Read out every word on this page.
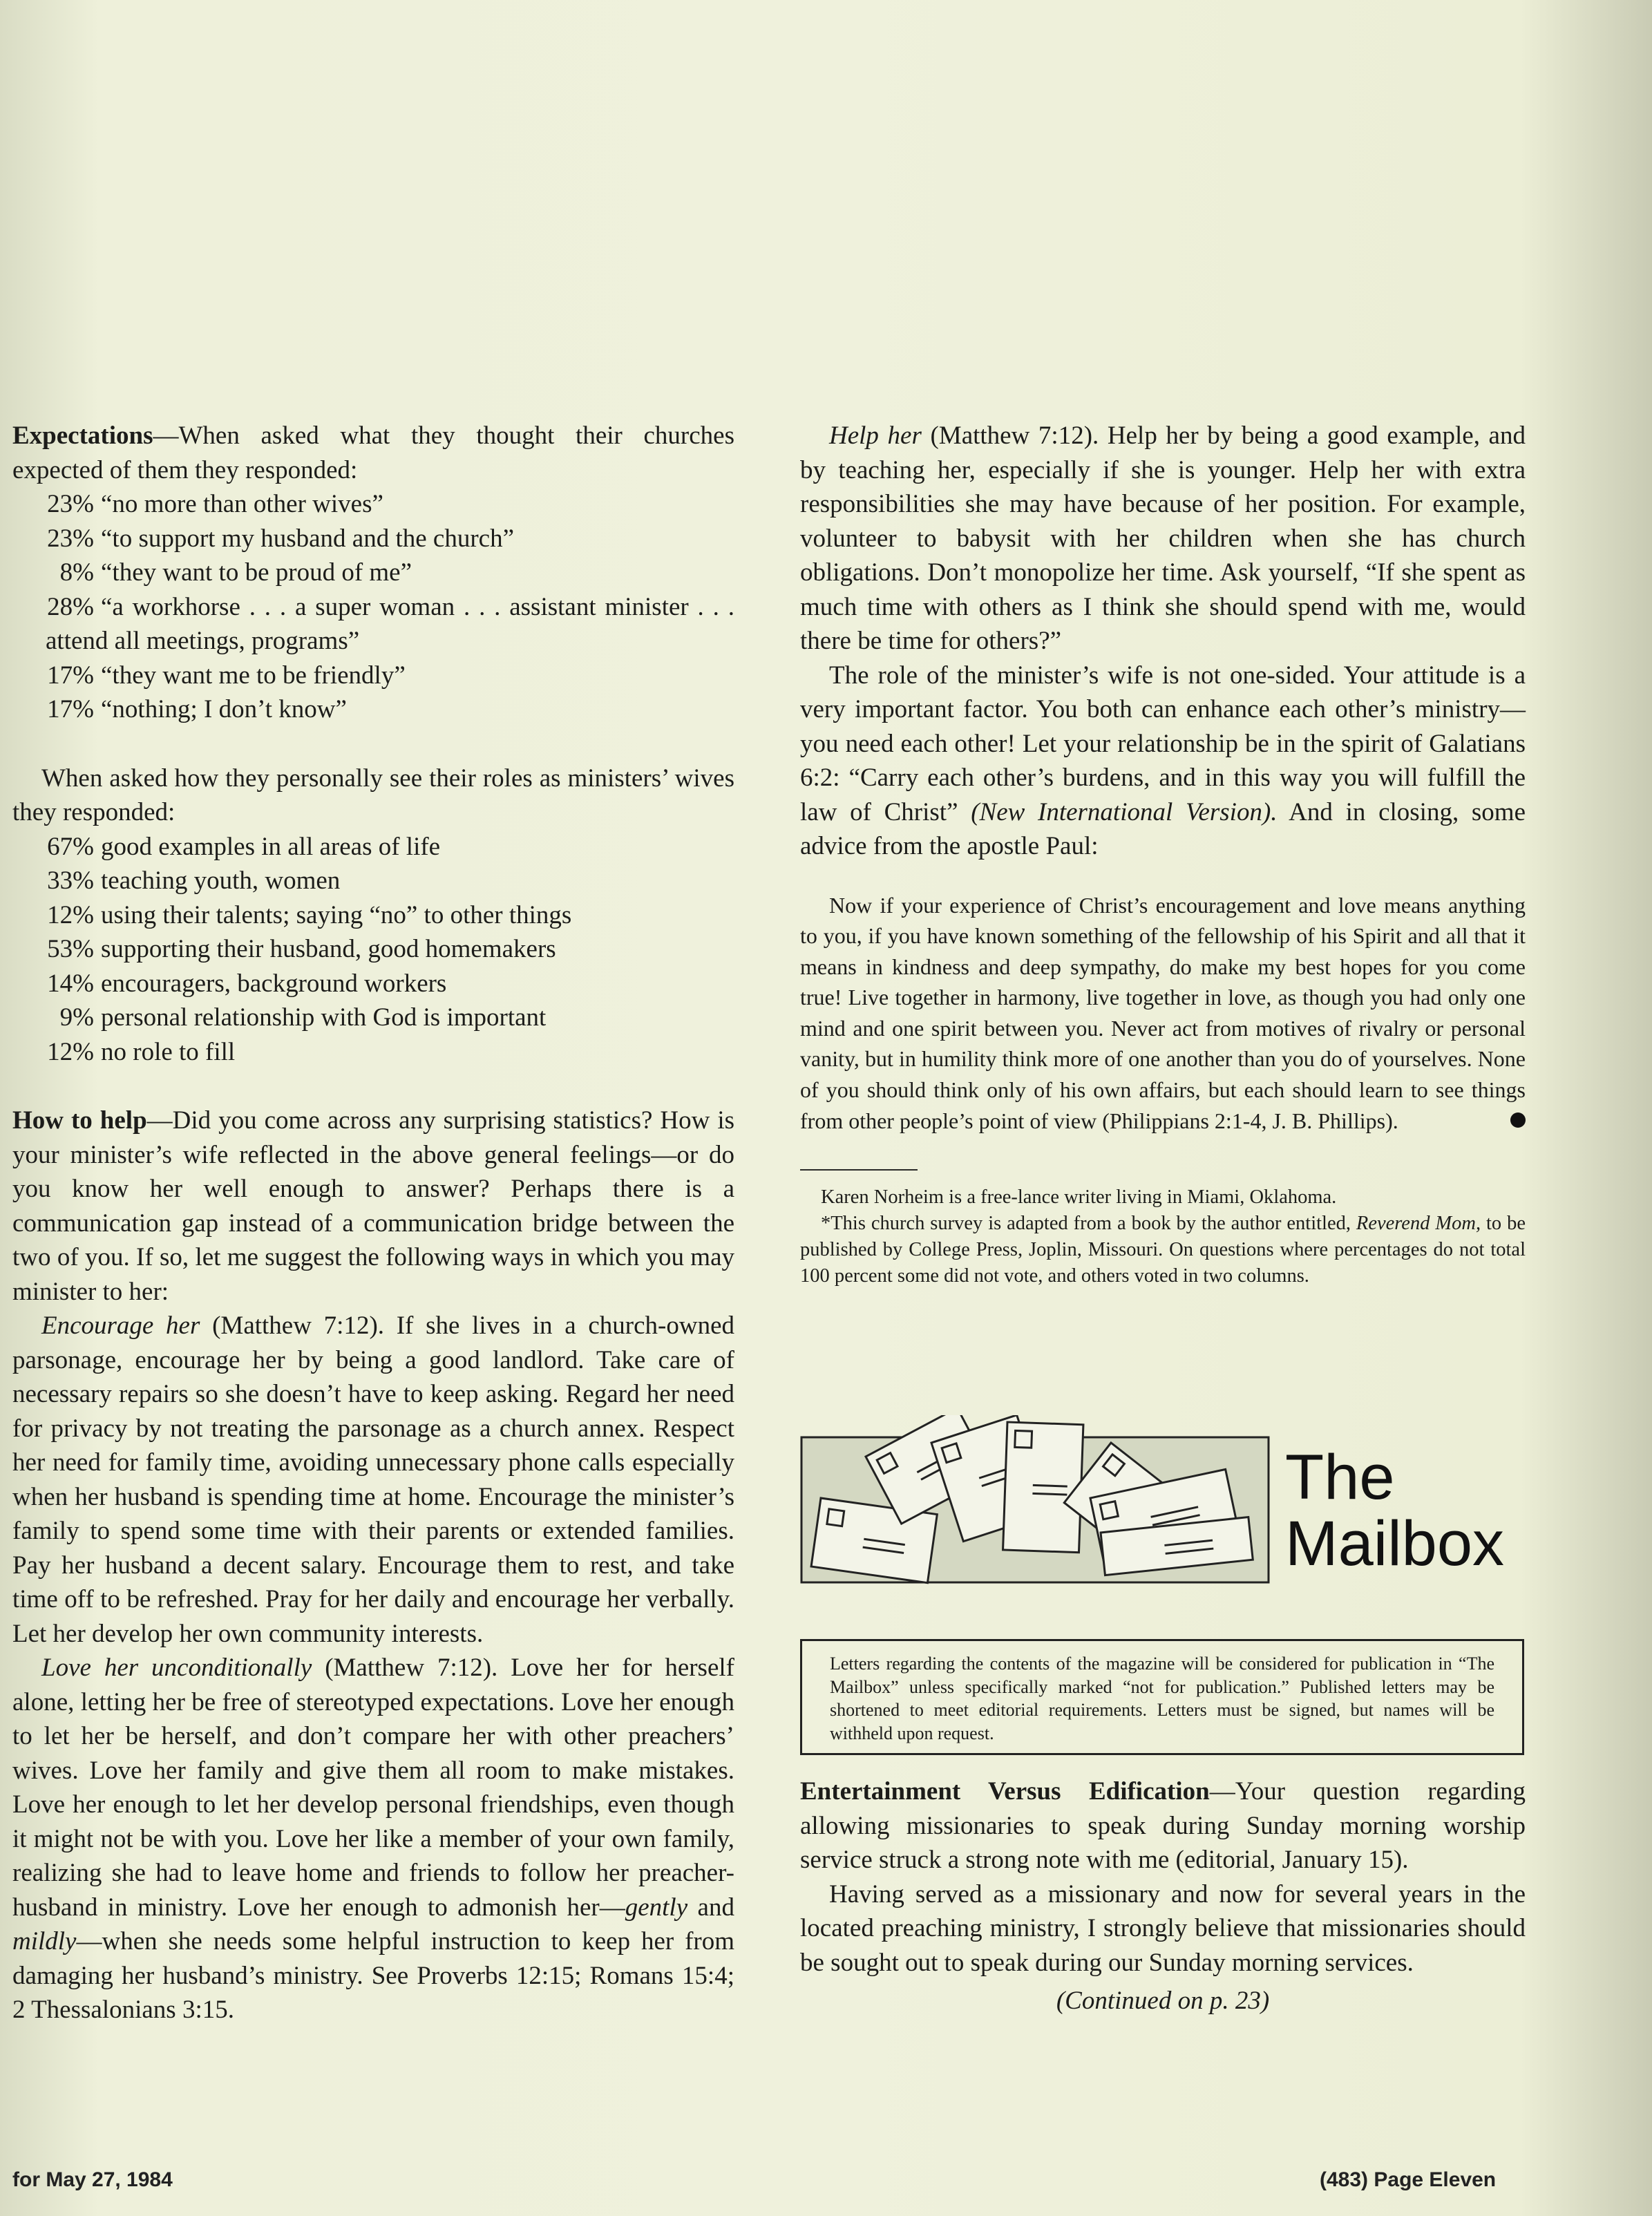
Expectations—When asked what they thought their churches expected of them they responded:

23% “no more than other wives”

23% “to support my husband and the church”

8% “they want to be proud of me”

28% “a workhorse . . . a super woman . . . assistant minister . . . attend all meetings, programs”

17% “they want me to be friendly”

17% “nothing; I don’t know”

When asked how they personally see their roles as ministers’ wives they responded:

67% good examples in all areas of life

33% teaching youth, women

12% using their talents; saying “no” to other things

53% supporting their husband, good homemakers

14% encouragers, background workers

9% personal relationship with God is important

12% no role to fill

How to help—Did you come across any surprising statistics? How is your minister’s wife reflected in the above general feelings—or do you know her well enough to answer? Perhaps there is a communication gap instead of a communication bridge between the two of you. If so, let me suggest the following ways in which you may minister to her:

Encourage her (Matthew 7:12). If she lives in a church-owned parsonage, encourage her by being a good landlord. Take care of necessary repairs so she doesn’t have to keep asking. Regard her need for privacy by not treating the parsonage as a church annex. Respect her need for family time, avoiding unnecessary phone calls especially when her husband is spending time at home. Encourage the minister’s family to spend some time with their parents or extended families. Pay her husband a decent salary. Encourage them to rest, and take time off to be refreshed. Pray for her daily and encourage her verbally. Let her develop her own community interests.

Love her unconditionally (Matthew 7:12). Love her for herself alone, letting her be free of stereotyped expectations. Love her enough to let her be herself, and don’t compare her with other preachers’ wives. Love her family and give them all room to make mistakes. Love her enough to let her develop personal friendships, even though it might not be with you. Love her like a member of your own family, realizing she had to leave home and friends to follow her preacher-husband in ministry. Love her enough to admonish her—gently and mildly—when she needs some helpful instruction to keep her from damaging her husband’s ministry. See Proverbs 12:15; Romans 15:4; 2 Thessalonians 3:15.

Help her (Matthew 7:12). Help her by being a good example, and by teaching her, especially if she is younger. Help her with extra responsibilities she may have because of her position. For example, volunteer to babysit with her children when she has church obligations. Don’t monopolize her time. Ask yourself, “If she spent as much time with others as I think she should spend with me, would there be time for others?”

The role of the minister’s wife is not one-sided. Your attitude is a very important factor. You both can enhance each other’s ministry—you need each other! Let your relationship be in the spirit of Galatians 6:2: “Carry each other’s burdens, and in this way you will fulfill the law of Christ” (New International Version). And in closing, some advice from the apostle Paul:

Now if your experience of Christ’s encouragement and love means anything to you, if you have known something of the fellowship of his Spirit and all that it means in kindness and deep sympathy, do make my best hopes for you come true! Live together in harmony, live together in love, as though you had only one mind and one spirit between you. Never act from motives of rivalry or personal vanity, but in humility think more of one another than you do of yourselves. None of you should think only of his own affairs, but each should learn to see things from other people’s point of view (Philippians 2:1-4, J. B. Phillips).

Karen Norheim is a free-lance writer living in Miami, Oklahoma.

*This church survey is adapted from a book by the author entitled, Reverend Mom, to be published by College Press, Joplin, Missouri. On questions where percentages do not total 100 percent some did not vote, and others voted in two columns.

The
Mailbox
Letters regarding the contents of the magazine will be considered for publication in “The Mailbox” unless specifically marked “not for publication.” Published letters may be shortened to meet editorial requirements. Letters must be signed, but names will be withheld upon request.

Entertainment Versus Edification—Your question regarding allowing missionaries to speak during Sunday morning worship service struck a strong note with me (editorial, January 15).

Having served as a missionary and now for several years in the located preaching ministry, I strongly believe that missionaries should be sought out to speak during our Sunday morning services.

(Continued on p. 23)

for May 27, 1984	(483) Page Eleven
